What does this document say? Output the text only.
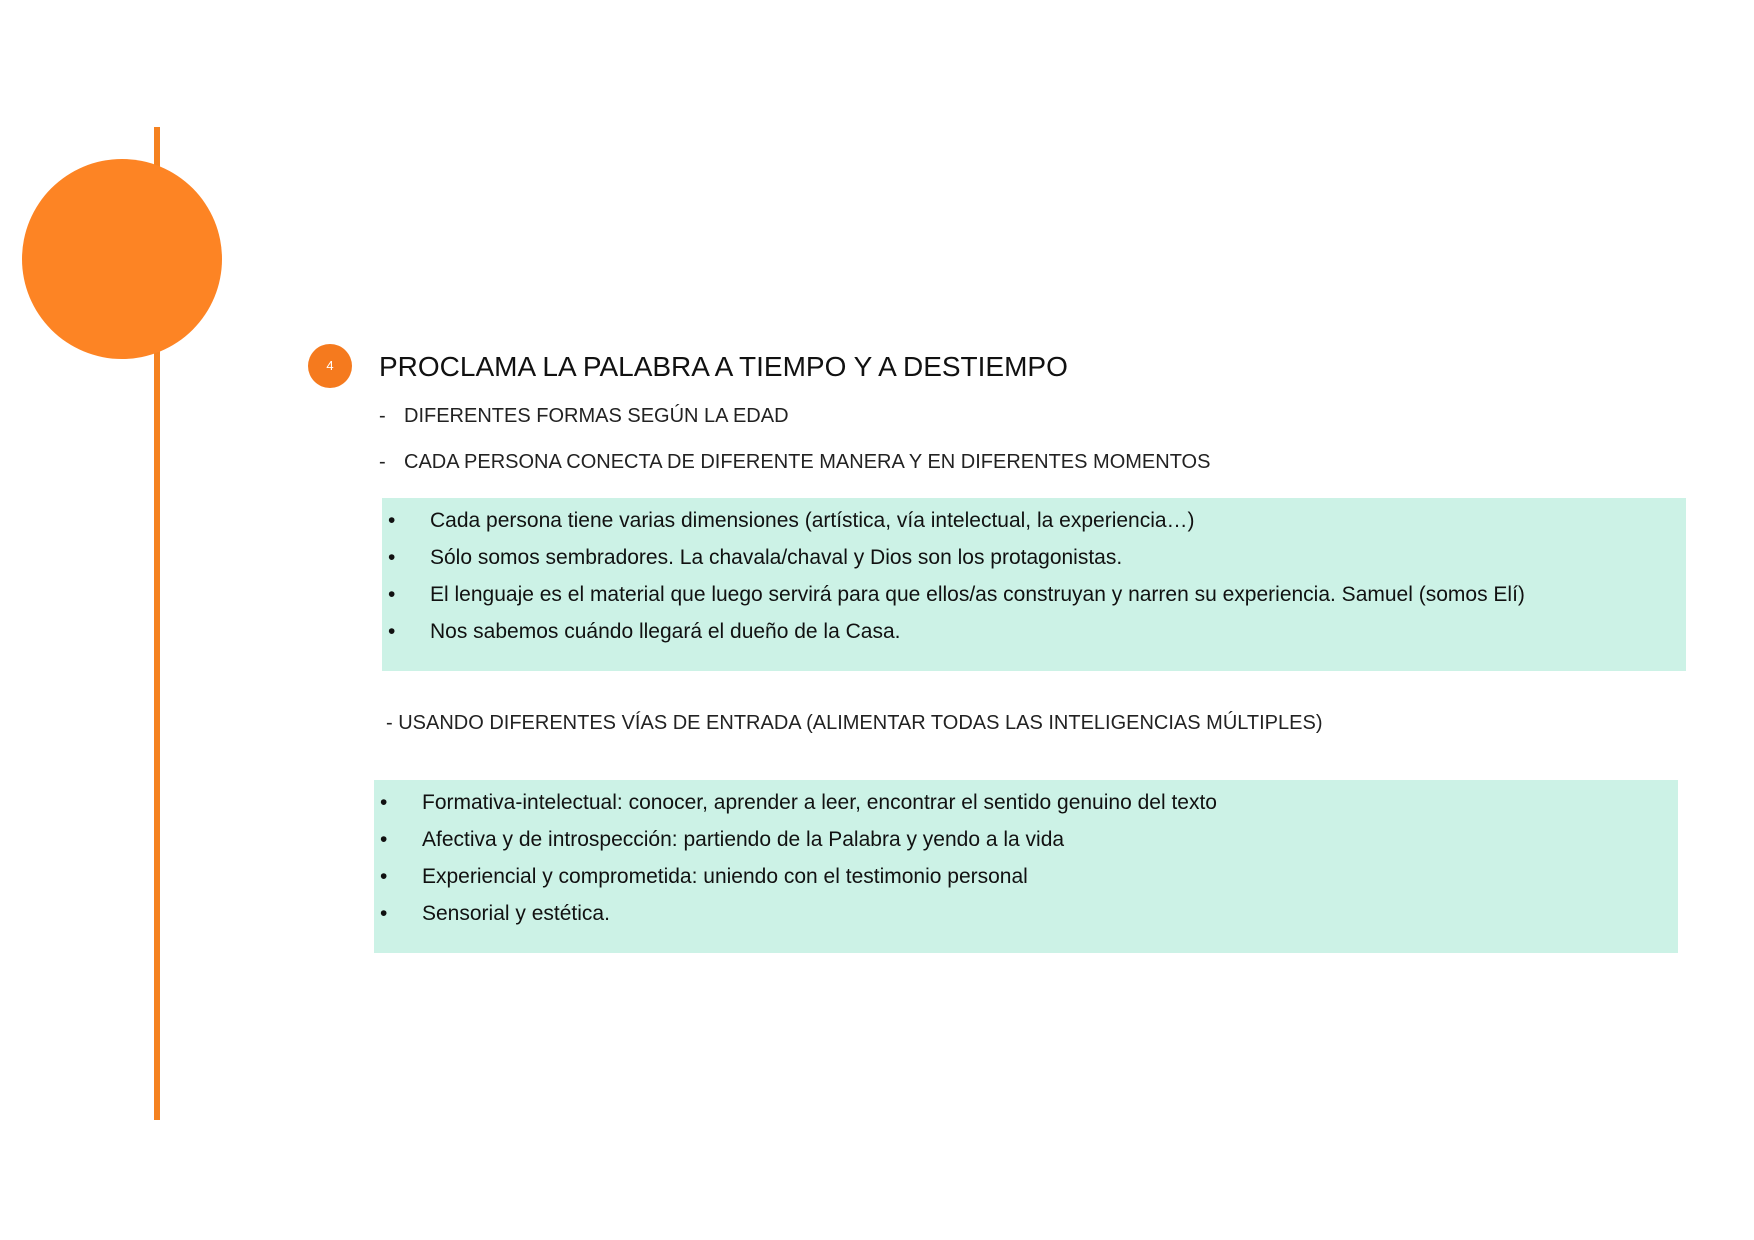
4	PROCLAMA LA PALABRA A TIEMPO Y A DESTIEMPO
- DIFERENTES FORMAS SEGÚN LA EDAD
- CADA PERSONA CONECTA DE DIFERENTE MANERA Y EN DIFERENTES MOMENTOS
• Cada persona tiene varias dimensiones (artística, vía intelectual, la experiencia…)
• Sólo somos sembradores. La chavala/chaval y Dios son los protagonistas.
• El lenguaje es el material que luego servirá para que ellos/as construyan y narren su experiencia. Samuel (somos Elí)
• Nos sabemos cuándo llegará el dueño de la Casa.
- USANDO DIFERENTES VÍAS DE ENTRADA (ALIMENTAR TODAS LAS INTELIGENCIAS MÚLTIPLES)
• Formativa-intelectual: conocer, aprender a leer, encontrar el sentido genuino del texto
• Afectiva y de introspección: partiendo de la Palabra y yendo a la vida
• Experiencial y comprometida: uniendo con el testimonio personal
• Sensorial y estética.
